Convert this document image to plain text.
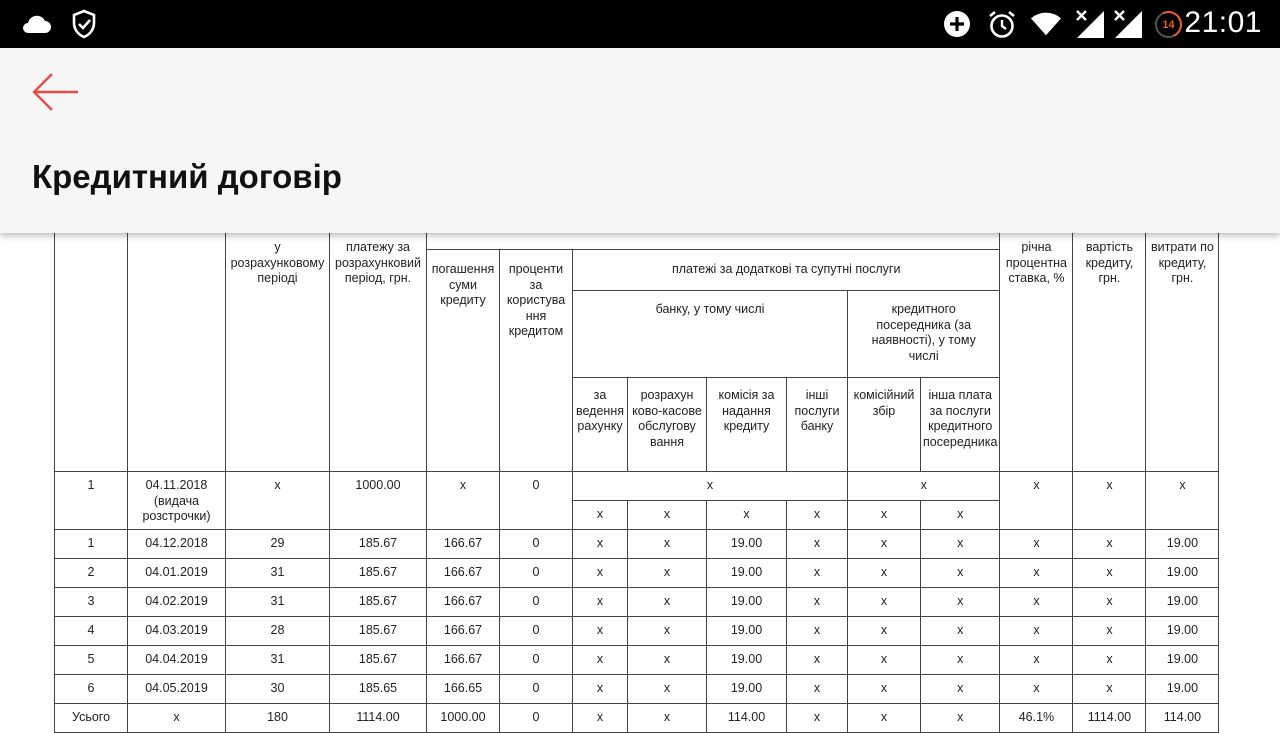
		у розрахунковому періоді	платежу за розрахунковий період, грн.									річна процентна ставка, %	вартість кредиту, грн.	витрати по кредиту, грн.

				погашення суми кредиту	проценти за користува ння кредитом	платежі за додаткові та супутні послуги								

						банку, у тому числі				кредитного посередника (за наявності), у тому числі				

						за ведення рахунку	розрахун ково-касове обслугову вання	комісія за надання кредиту	інші послуги банку	комісійний збір	інша плата за послуги кредитного посередника			
1	04.11.2018 (видача розстрочки)	x	1000.00	x	0	x				x		x	x	x
						x	x	x	x	x	x			
1	04.12.2018	29	185.67	166.67	0	x	x	19.00	x	x	x	x	x	19.00
2	04.01.2019	31	185.67	166.67	0	x	x	19.00	x	x	x	x	x	19.00
3	04.02.2019	31	185.67	166.67	0	x	x	19.00	x	x	x	x	x	19.00
4	04.03.2019	28	185.67	166.67	0	x	x	19.00	x	x	x	x	x	19.00
5	04.04.2019	31	185.67	166.67	0	x	x	19.00	x	x	x	x	x	19.00
6	04.05.2019	30	185.65	166.65	0	x	x	19.00	x	x	x	x	x	19.00
Усього	x	180	1114.00	1000.00	0	x	x	114.00	x	x	x	46.1%	1114.00	114.00
14 21:01
Кредитний договір
